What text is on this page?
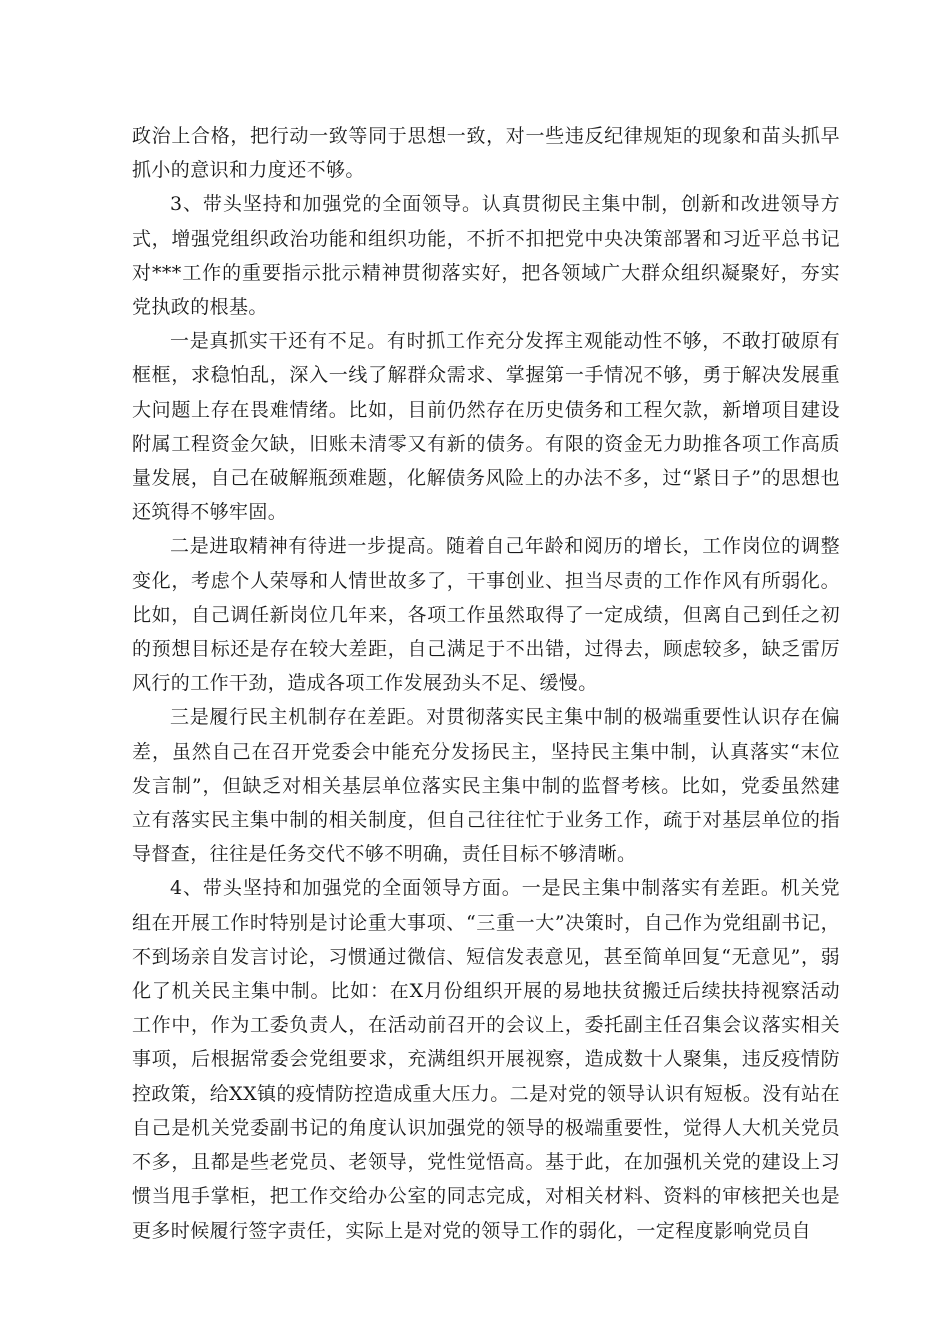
政治上合格，把行动一致等同于思想一致，对一些违反纪律规矩的现象和苗头抓早抓小的意识和力度还不够。

3、带头坚持和加强党的全面领导。认真贯彻民主集中制，创新和改进领导方式，增强党组织政治功能和组织功能，不折不扣把党中央决策部署和习近平总书记对***工作的重要指示批示精神贯彻落实好，把各领域广大群众组织凝聚好，夯实党执政的根基。

一是真抓实干还有不足。有时抓工作充分发挥主观能动性不够，不敢打破原有框框，求稳怕乱，深入一线了解群众需求、掌握第一手情况不够，勇于解决发展重大问题上存在畏难情绪。比如，目前仍然存在历史债务和工程欠款，新增项目建设附属工程资金欠缺，旧账未清零又有新的债务。有限的资金无力助推各项工作高质量发展，自己在破解瓶颈难题，化解债务风险上的办法不多，过“紧日子”的思想也还筑得不够牢固。

二是进取精神有待进一步提高。随着自己年龄和阅历的增长，工作岗位的调整变化，考虑个人荣辱和人情世故多了，干事创业、担当尽责的工作作风有所弱化。比如，自己调任新岗位几年来，各项工作虽然取得了一定成绩，但离自己到任之初的预想目标还是存在较大差距，自己满足于不出错，过得去，顾虑较多，缺乏雷厉风行的工作干劲，造成各项工作发展劲头不足、缓慢。

三是履行民主机制存在差距。对贯彻落实民主集中制的极端重要性认识存在偏差，虽然自己在召开党委会中能充分发扬民主，坚持民主集中制，认真落实“末位发言制”，但缺乏对相关基层单位落实民主集中制的监督考核。比如，党委虽然建立有落实民主集中制的相关制度，但自己往往忙于业务工作，疏于对基层单位的指导督查，往往是任务交代不够不明确，责任目标不够清晰。

4、带头坚持和加强党的全面领导方面。一是民主集中制落实有差距。机关党组在开展工作时特别是讨论重大事项、“三重一大”决策时，自己作为党组副书记，不到场亲自发言讨论，习惯通过微信、短信发表意见，甚至简单回复“无意见”，弱化了机关民主集中制。比如：在X月份组织开展的易地扶贫搬迁后续扶持视察活动工作中，作为工委负责人，在活动前召开的会议上，委托副主任召集会议落实相关事项，后根据常委会党组要求，充满组织开展视察，造成数十人聚集，违反疫情防控政策，给XX镇的疫情防控造成重大压力。二是对党的领导认识有短板。没有站在自己是机关党委副书记的角度认识加强党的领导的极端重要性，觉得人大机关党员不多，且都是些老党员、老领导，党性觉悟高。基于此，在加强机关党的建设上习惯当甩手掌柜，把工作交给办公室的同志完成，对相关材料、资料的审核把关也是更多时候履行签字责任，实际上是对党的领导工作的弱化，一定程度影响党员自
